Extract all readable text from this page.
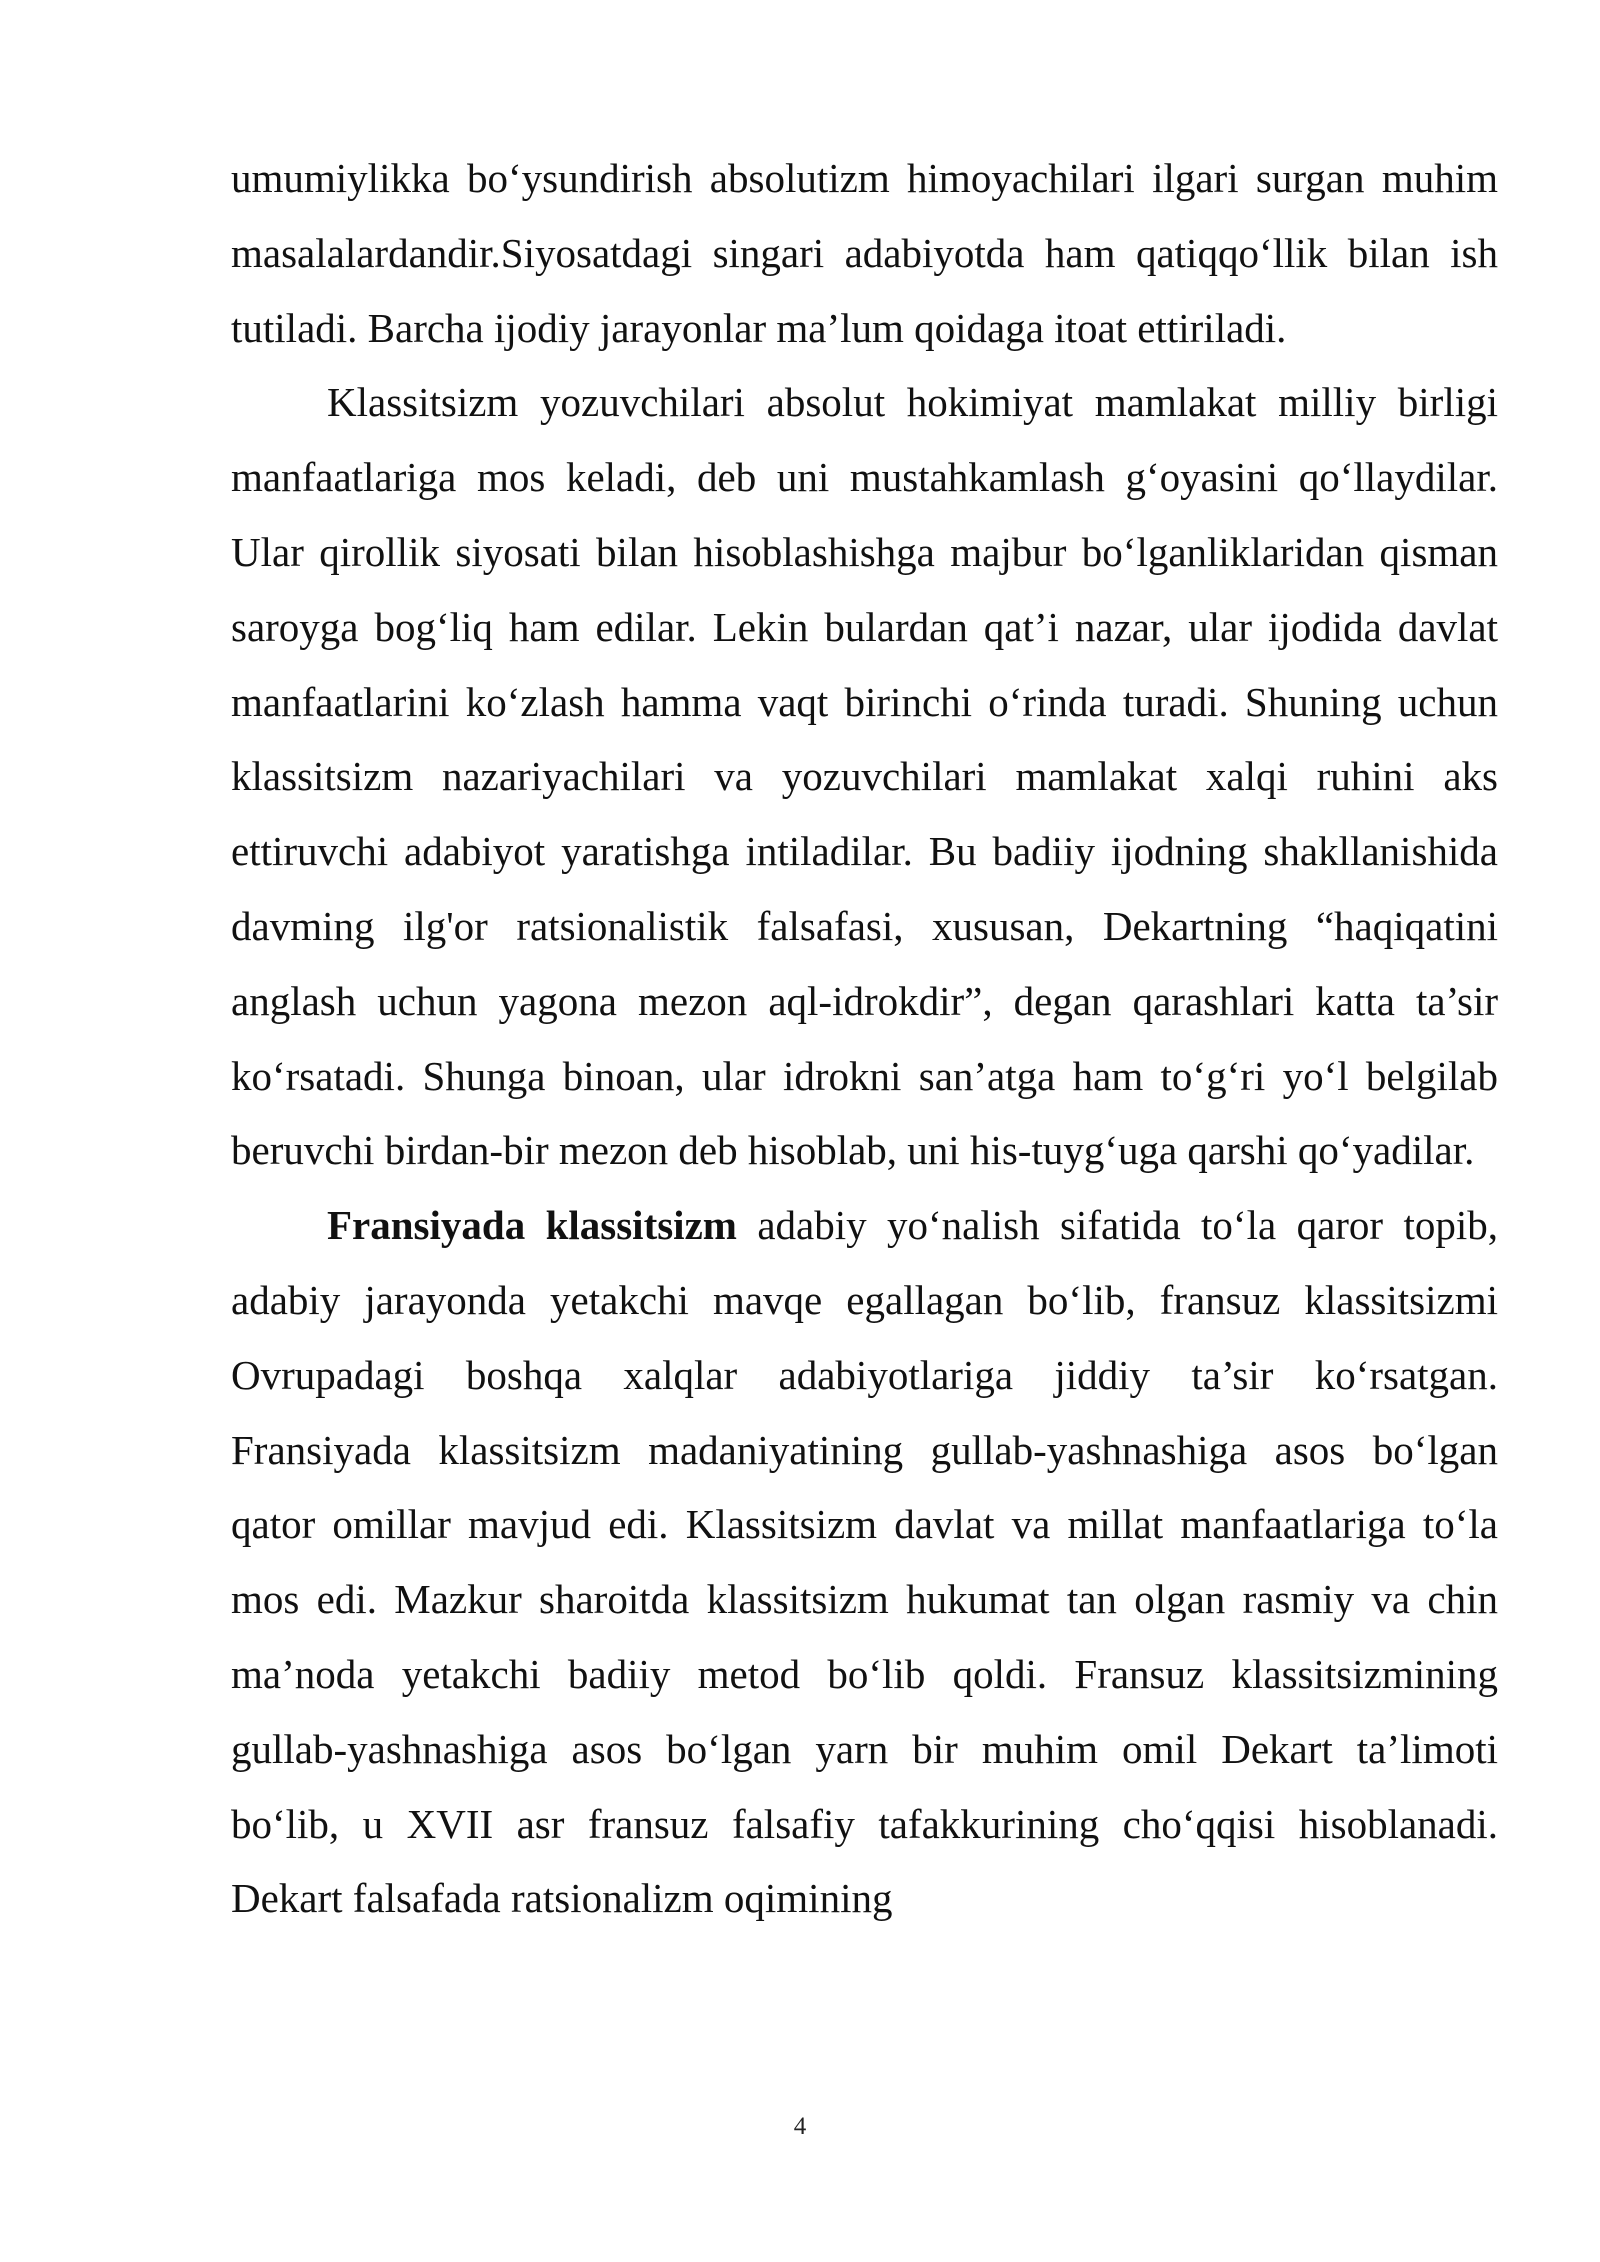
umumiylikka bo‘ysundirish absolutizm himoyachilari ilgari surgan muhim masalalardandir.Siyosatdagi singari adabiyotda ham qatiqqo‘llik bilan ish tutiladi. Barcha ijodiy jarayonlar ma’lum qoidaga itoat ettiriladi.

Klassitsizm yozuvchilari absolut hokimiyat mamlakat milliy birligi manfaatlariga mos keladi, deb uni mustahkamlash g‘oyasini qo‘llaydilar. Ular qirollik siyosati bilan hisoblashishga majbur bo‘lganliklaridan qisman saroyga bog‘liq ham edilar. Lekin bulardan qat’i nazar, ular ijodida davlat manfaatlarini ko‘zlash hamma vaqt birinchi o‘rinda turadi. Shuning uchun klassitsizm nazariyachilari va yozuvchilari mamlakat xalqi ruhini aks ettiruvchi adabiyot yaratishga intiladilar. Bu badiiy ijodning shakllanishida davming ilg'or ratsionalistik falsafasi, xususan, Dekartning “haqiqatini anglash uchun yagona mezon aql-idrokdir”, degan qarashlari katta ta’sir ko‘rsatadi. Shunga binoan, ular idrokni san’atga ham to‘g‘ri yo‘l belgilab beruvchi birdan-bir mezon deb hisoblab, uni his-tuyg‘uga qarshi qo‘yadilar.

Fransiyada klassitsizm adabiy yo‘nalish sifatida to‘la qaror topib, adabiy jarayonda yetakchi mavqe egallagan bo‘lib, fransuz klassitsizmi Ovrupadagi boshqa xalqlar adabiyotlariga jiddiy ta’sir ko‘rsatgan. Fransiyada klassitsizm madaniyatining gullab-yashnashiga asos bo‘lgan qator omillar mavjud edi. Klassitsizm davlat va millat manfaatlariga to‘la mos edi. Mazkur sharoitda klassitsizm hukumat tan olgan rasmiy va chin ma’noda yetakchi badiiy metod bo‘lib qoldi. Fransuz klassitsizmining gullab-yashnashiga asos bo‘lgan yarn bir muhim omil Dekart ta’limoti bo‘lib, u XVII asr fransuz falsafiy tafakkurining cho‘qqisi hisoblanadi. Dekart falsafada ratsionalizm oqimining

4
